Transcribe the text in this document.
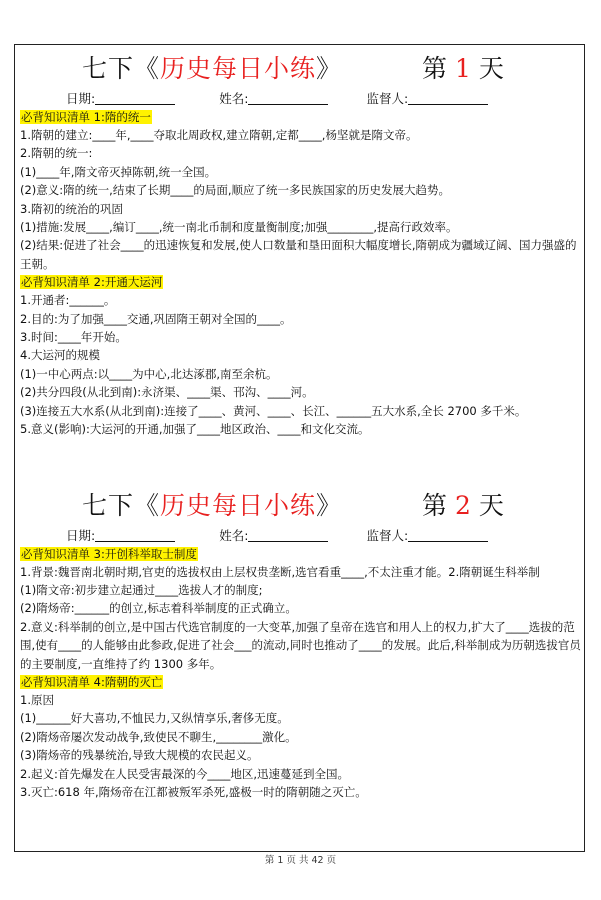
七下《历史每日小练》	第 1 天
日期:	姓名:	监督人:
必背知识清单 1:隋的统一

1.隋朝的建立:____年,____夺取北周政权,建立隋朝,定都____,杨坚就是隋文帝。

2.隋朝的统一:

(1)____年,隋文帝灭掉陈朝,统一全国。

(2)意义:隋的统一,结束了长期____的局面,顺应了统一多民族国家的历史发展大趋势。

3.隋初的统治的巩固

(1)措施:发展____,编订____,统一南北币制和度量衡制度;加强________,提高行政效率。

(2)结果:促进了社会____的迅速恢复和发展,使人口数量和垦田面积大幅度增长,隋朝成为疆域辽阔、国力强盛的王朝。

必背知识清单 2:开通大运河

1.开通者:______。

2.目的:为了加强____交通,巩固隋王朝对全国的____。

3.时间:____年开始。

4.大运河的规模

(1)一中心两点:以____为中心,北达涿郡,南至余杭。

(2)共分四段(从北到南):永济渠、____渠、邗沟、____河。

(3)连接五大水系(从北到南):连接了____、黄河、____、长江、______五大水系,全长 2700 多千米。

5.意义(影响):大运河的开通,加强了____地区政治、____和文化交流。

七下《历史每日小练》	第 2 天
日期:	姓名:	监督人:
必背知识清单 3:开创科举取士制度

1.背景:魏晋南北朝时期,官吏的选拔权由上层权贵垄断,选官看重____,不太注重才能。2.隋朝诞生科举制

(1)隋文帝:初步建立起通过____选拔人才的制度;

(2)隋炀帝:______的创立,标志着科举制度的正式确立。

2.意义:科举制的创立,是中国古代选官制度的一大变革,加强了皇帝在选官和用人上的权力,扩大了____选拔的范围,使有____的人能够由此参政,促进了社会___的流动,同时也推动了____的发展。此后,科举制成为历朝选拔官员的主要制度,一直维持了约 1300 多年。

必背知识清单 4:隋朝的灭亡

1.原因

(1)______好大喜功,不恤民力,又纵情享乐,奢侈无度。

(2)隋炀帝屡次发动战争,致使民不聊生,________激化。

(3)隋炀帝的残暴统治,导致大规模的农民起义。

2.起义:首先爆发在人民受害最深的今____地区,迅速蔓延到全国。

3.灭亡:618 年,隋炀帝在江都被叛军杀死,盛极一时的隋朝随之灭亡。

第 1 页 共 42 页
